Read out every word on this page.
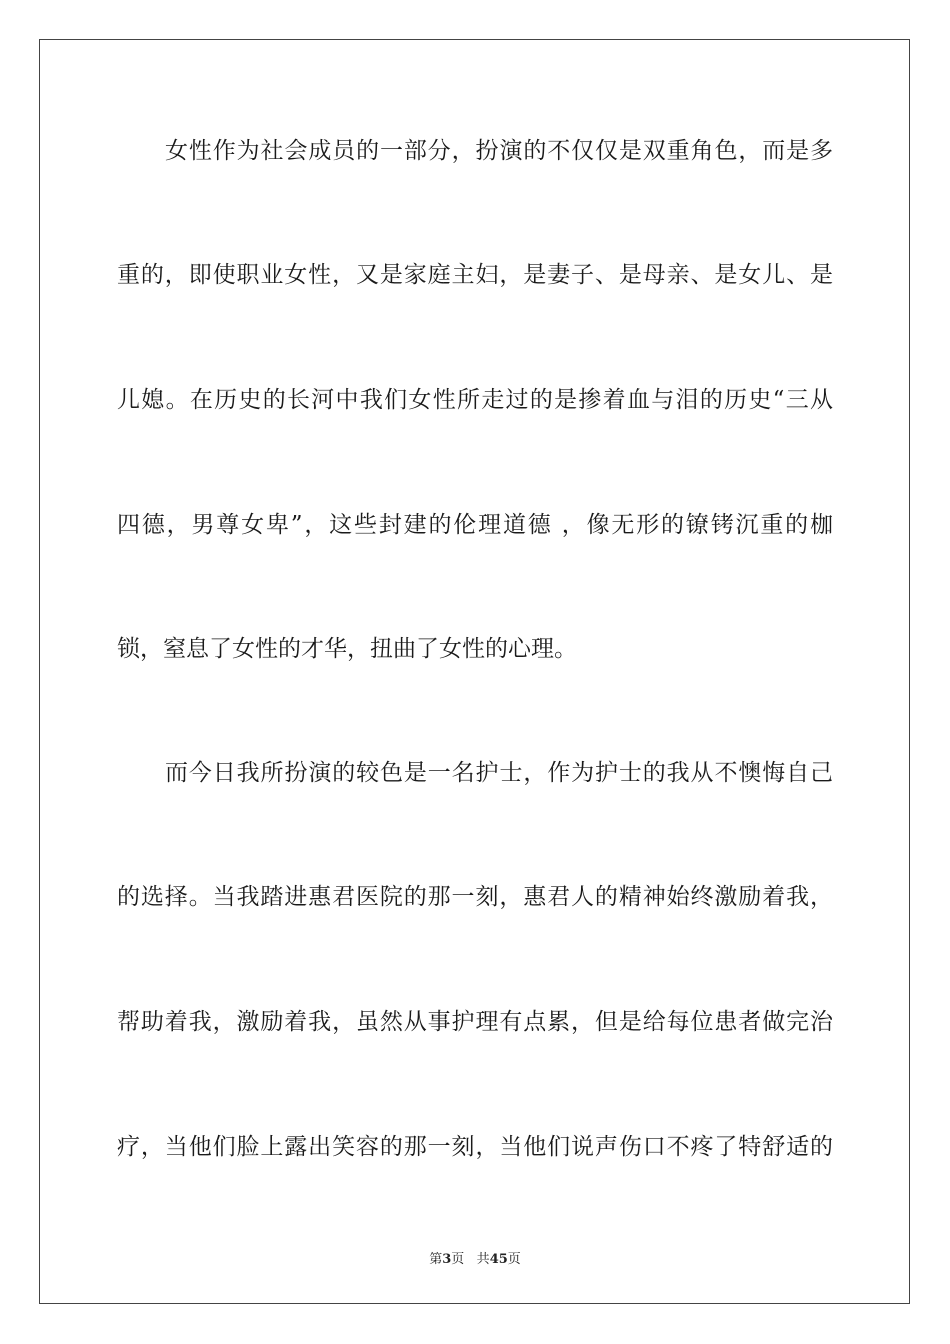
女性作为社会成员的一部分，扮演的不仅仅是双重角色，而是多
重的，即使职业女性，又是家庭主妇，是妻子、是母亲、是女儿、是
儿媳。在历史的长河中我们女性所走过的是掺着血与泪的历史“三从
四德，男尊女卑”，这些封建的伦理道德 ，像无形的镣铐沉重的枷
锁，窒息了女性的才华，扭曲了女性的心理。
而今日我所扮演的较色是一名护士，作为护士的我从不懊悔自己
的选择。当我踏进惠君医院的那一刻，惠君人的精神始终激励着我，
帮助着我，激励着我，虽然从事护理有点累，但是给每位患者做完治
疗，当他们脸上露出笑容的那一刻，当他们说声伤口不疼了特舒适的
第3页 共45页
